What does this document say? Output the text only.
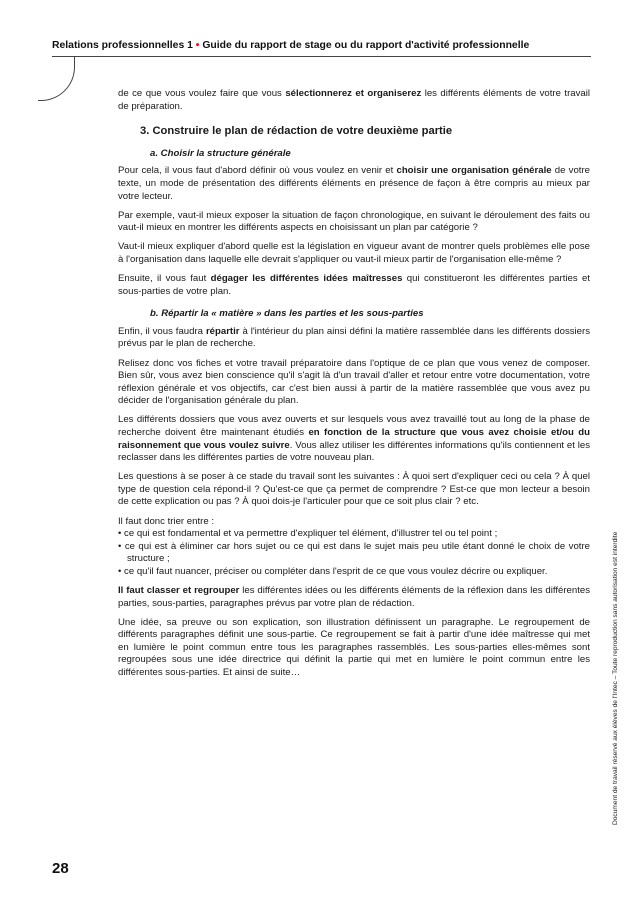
Relations professionnelles 1 • Guide du rapport de stage ou du rapport d'activité professionnelle

de ce que vous voulez faire que vous sélectionnerez et organiserez les différents éléments de votre travail de préparation.

3. Construire le plan de rédaction de votre deuxième partie
a. Choisir la structure générale

Pour cela, il vous faut d'abord définir où vous voulez en venir et choisir une organisation générale de votre texte, un mode de présentation des différents éléments en présence de façon à être compris au mieux par votre lecteur.

Par exemple, vaut-il mieux exposer la situation de façon chronologique, en suivant le déroulement des faits ou vaut-il mieux en montrer les différents aspects en choisissant un plan par catégorie ?

Vaut-il mieux expliquer d'abord quelle est la législation en vigueur avant de montrer quels problèmes elle pose à l'organisation dans laquelle elle devrait s'appliquer ou vaut-il mieux partir de l'organisation elle-même ?

Ensuite, il vous faut dégager les différentes idées maîtresses qui constitueront les différentes parties et sous-parties de votre plan.

b. Répartir la « matière » dans les parties et les sous-parties

Enfin, il vous faudra répartir à l'intérieur du plan ainsi défini la matière rassemblée dans les différents dossiers prévus par le plan de recherche.

Relisez donc vos fiches et votre travail préparatoire dans l'optique de ce plan que vous venez de composer. Bien sûr, vous avez bien conscience qu'il s'agit là d'un travail d'aller et retour entre votre documentation, votre réflexion générale et vos objectifs, car c'est bien aussi à partir de la matière rassemblée que vous avez pu décider de l'organisation générale du plan.

Les différents dossiers que vous avez ouverts et sur lesquels vous avez travaillé tout au long de la phase de recherche doivent être maintenant étudiés en fonction de la structure que vous avez choisie et/ou du raisonnement que vous voulez suivre. Vous allez utiliser les différentes informations qu'ils contiennent et les reclasser dans les différentes parties de votre nouveau plan.

Les questions à se poser à ce stade du travail sont les suivantes : À quoi sert d'expliquer ceci ou cela ? À quel type de question cela répond-il ? Qu'est-ce que ça permet de comprendre ? Est-ce que mon lecteur a besoin de cette explication ou pas ? À quoi dois-je l'articuler pour que ce soit plus clair ? etc.

Il faut donc trier entre :

• ce qui est fondamental et va permettre d'expliquer tel élément, d'illustrer tel ou tel point ;
• ce qui est à éliminer car hors sujet ou ce qui est dans le sujet mais peu utile étant donné le choix de votre structure ;
• ce qu'il faut nuancer, préciser ou compléter dans l'esprit de ce que vous voulez décrire ou expliquer.

Il faut classer et regrouper les différentes idées ou les différents éléments de la réflexion dans les différentes parties, sous-parties, paragraphes prévus par votre plan de rédaction.

Une idée, sa preuve ou son explication, son illustration définissent un paragraphe. Le regroupement de différents paragraphes définit une sous-partie. Ce regroupement se fait à partir d'une idée maîtresse qui met en lumière le point commun entre tous les paragraphes rassemblés. Les sous-parties elles-mêmes sont regroupées sous une idée directrice qui définit la partie qui met en lumière le point commun entre les différentes sous-parties. Et ainsi de suite…	Document de travail réservé aux élèves de l'Intec – Toute reproduction sans autorisation est interdite
28
